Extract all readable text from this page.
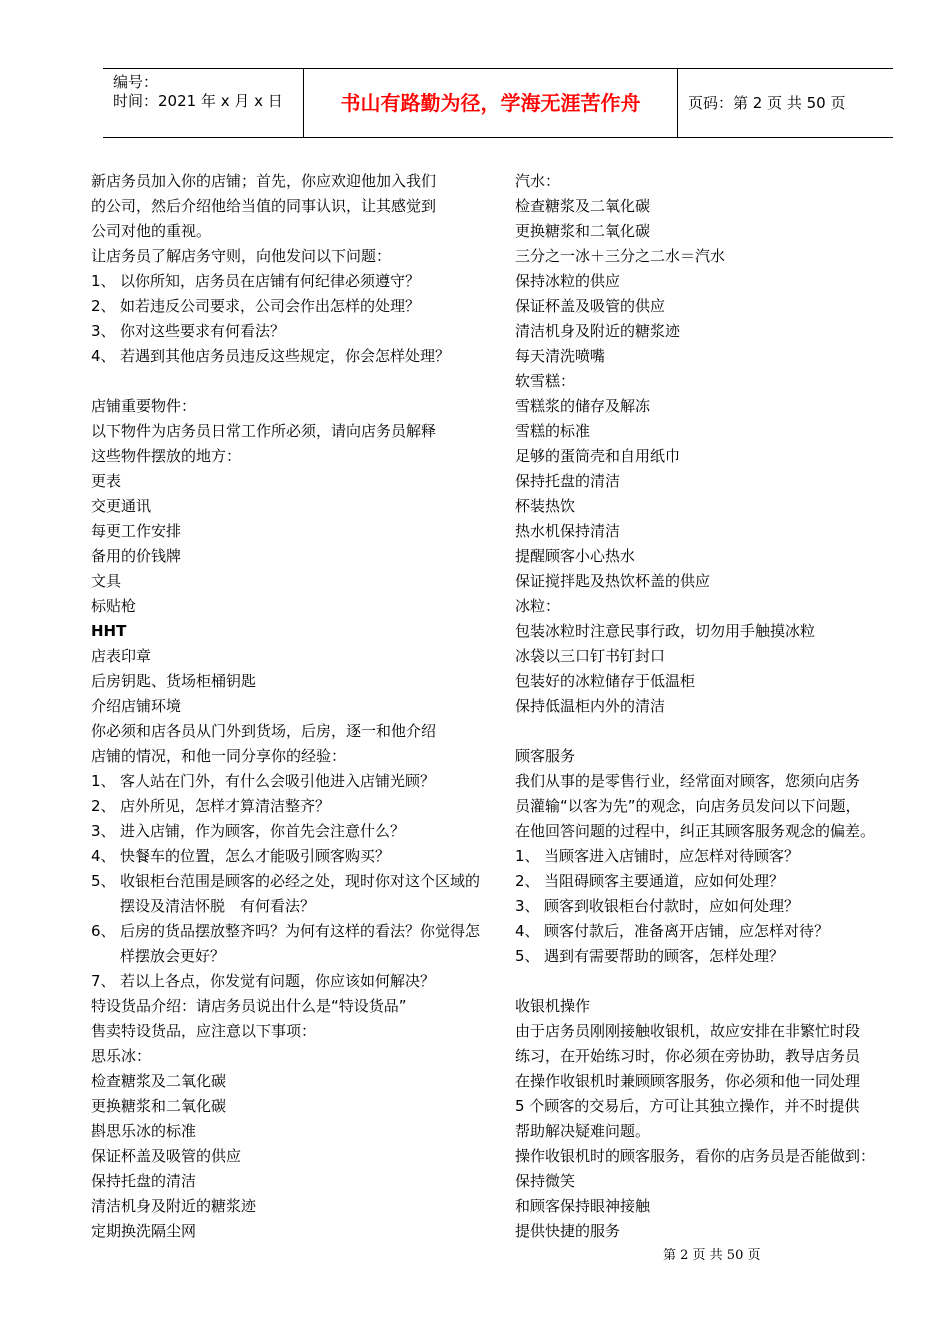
编号：
时间：2021 年 x 月 x 日	书山有路勤为径，学海无涯苦作舟	页码：第 2 页 共 50 页
新店务员加入你的店铺；首先，你应欢迎他加入我们
的公司，然后介绍他给当值的同事认识，让其感觉到
公司对他的重视。
让店务员了解店务守则，向他发问以下问题：
1、 以你所知，店务员在店铺有何纪律必须遵守？
2、 如若违反公司要求，公司会作出怎样的处理？
3、 你对这些要求有何看法？
4、 若遇到其他店务员违反这些规定，你会怎样处理？
店铺重要物件：
以下物件为店务员日常工作所必须，请向店务员解释
这些物件摆放的地方：
更表
交更通讯
每更工作安排
备用的价钱牌
文具
标贴枪
HHT
店表印章
后房钥匙、货场柜桶钥匙
介绍店铺环境
你必须和店各员从门外到货场，后房，逐一和他介绍
店铺的情况，和他一同分享你的经验：
1、 客人站在门外，有什么会吸引他进入店铺光顾？
2、 店外所见，怎样才算清洁整齐？
3、 进入店铺，作为顾客，你首先会注意什么？
4、 快餐车的位置，怎么才能吸引顾客购买？
5、 收银柜台范围是顾客的必经之处，现时你对这个区域的摆设及清洁怀脱　有何看法？
6、 后房的货品摆放整齐吗？为何有这样的看法？你觉得怎样摆放会更好？
7、 若以上各点，你发觉有问题，你应该如何解决？
特设货品介绍：请店务员说出什么是“特设货品”
售卖特设货品，应注意以下事项：
思乐冰：
检查糖浆及二氧化碳
更换糖浆和二氧化碳
斟思乐冰的标准
保证杯盖及吸管的供应
保持托盘的清洁
清洁机身及附近的糖浆迹
定期换洗隔尘网
汽水：
检查糖浆及二氧化碳
更换糖浆和二氧化碳
三分之一冰＋三分之二水＝汽水
保持冰粒的供应
保证杯盖及吸管的供应
清洁机身及附近的糖浆迹
每天清洗喷嘴
软雪糕：
雪糕浆的储存及解冻
雪糕的标准
足够的蛋筒壳和自用纸巾
保持托盘的清洁
杯装热饮
热水机保持清洁
提醒顾客小心热水
保证搅拌匙及热饮杯盖的供应
冰粒：
包装冰粒时注意民事行政，切勿用手触摸冰粒
冰袋以三口钉书钉封口
包装好的冰粒储存于低温柜
保持低温柜内外的清洁
顾客服务
我们从事的是零售行业，经常面对顾客，您须向店务
员灌输“以客为先”的观念，向店务员发问以下问题，
在他回答问题的过程中，纠正其顾客服务观念的偏差。
1、 当顾客进入店铺时，应怎样对待顾客？
2、 当阻碍顾客主要通道，应如何处理？
3、 顾客到收银柜台付款时，应如何处理？
4、 顾客付款后，准备离开店铺，应怎样对待？
5、 遇到有需要帮助的顾客，怎样处理？
收银机操作
由于店务员刚刚接触收银机，故应安排在非繁忙时段
练习，在开始练习时，你必须在旁协助，教导店务员
在操作收银机时兼顾顾客服务，你必须和他一同处理
5 个顾客的交易后，方可让其独立操作，并不时提供
帮助解决疑难问题。
操作收银机时的顾客服务，看你的店务员是否能做到：
保持微笑
和顾客保持眼神接触
提供快捷的服务
第 2 页 共 50 页
